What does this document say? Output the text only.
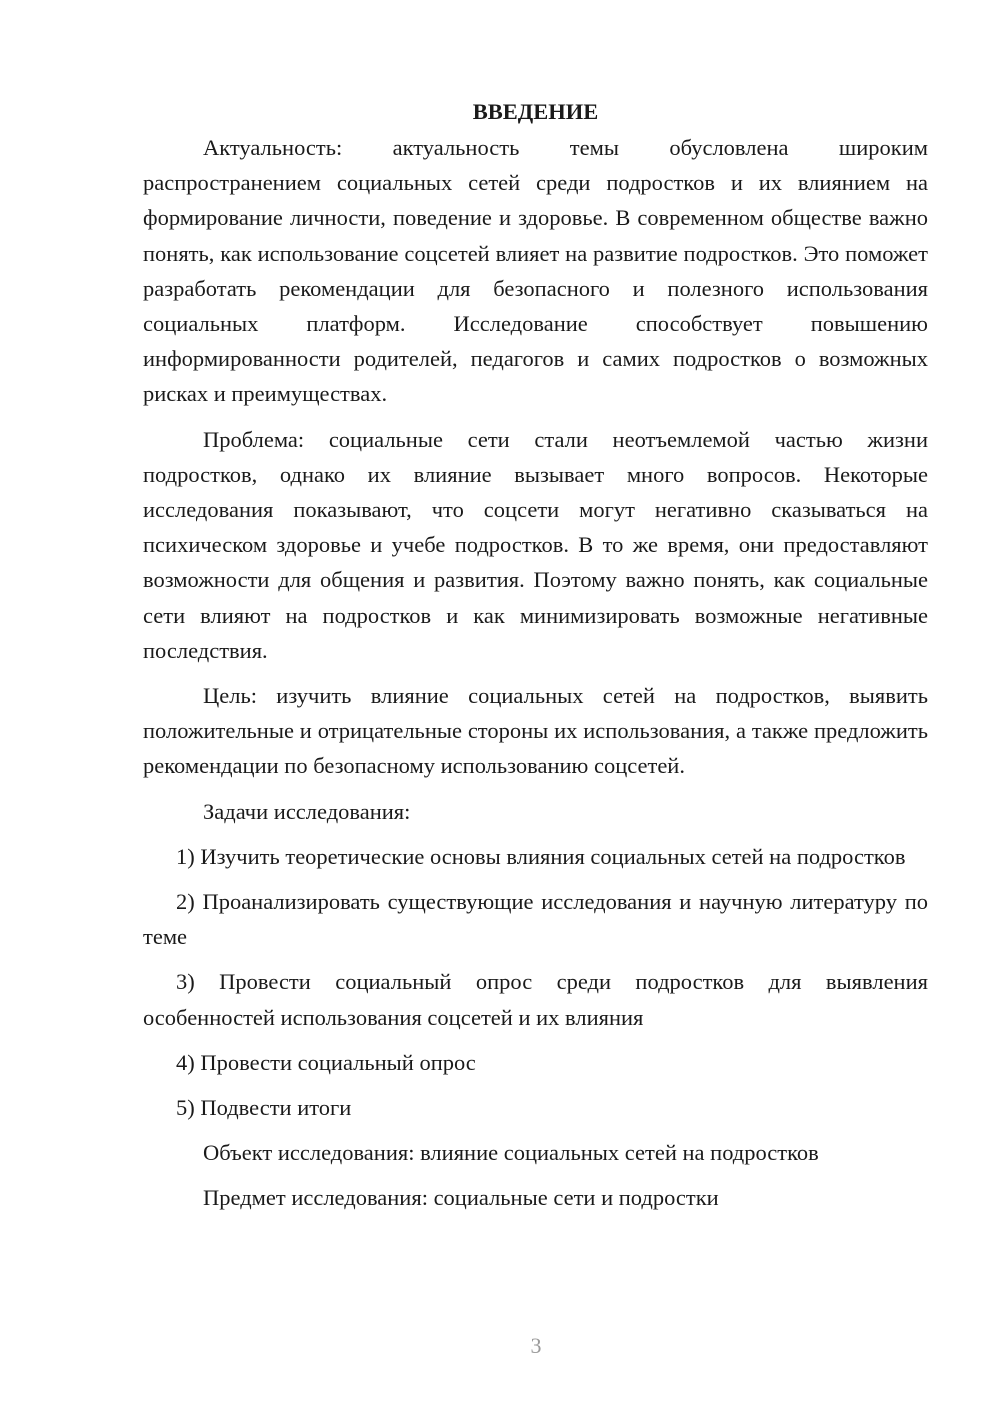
ВВЕДЕНИЕ

Актуальность: актуальность темы обусловлена широким распространением социальных сетей среди подростков и их влиянием на формирование личности, поведение и здоровье. В современном обществе важно понять, как использование соцсетей влияет на развитие подростков. Это поможет разработать рекомендации для безопасного и полезного использования социальных платформ. Исследование способствует повышению информированности родителей, педагогов и самих подростков о возможных рисках и преимуществах.

Проблема: социальные сети стали неотъемлемой частью жизни подростков, однако их влияние вызывает много вопросов. Некоторые исследования показывают, что соцсети могут негативно сказываться на психическом здоровье и учебе подростков. В то же время, они предоставляют возможности для общения и развития. Поэтому важно понять, как социальные сети влияют на подростков и как минимизировать возможные негативные последствия.

Цель: изучить влияние социальных сетей на подростков, выявить положительные и отрицательные стороны их использования, а также предложить рекомендации по безопасному использованию соцсетей.

Задачи исследования:

1) Изучить теоретические основы влияния социальных сетей на подростков

2) Проанализировать существующие исследования и научную литературу по теме

3) Провести социальный опрос среди подростков для выявления особенностей использования соцсетей и их влияния

4) Провести социальный опрос

5) Подвести итоги

Объект исследования: влияние социальных сетей на подростков

Предмет исследования: социальные сети и подростки

3
